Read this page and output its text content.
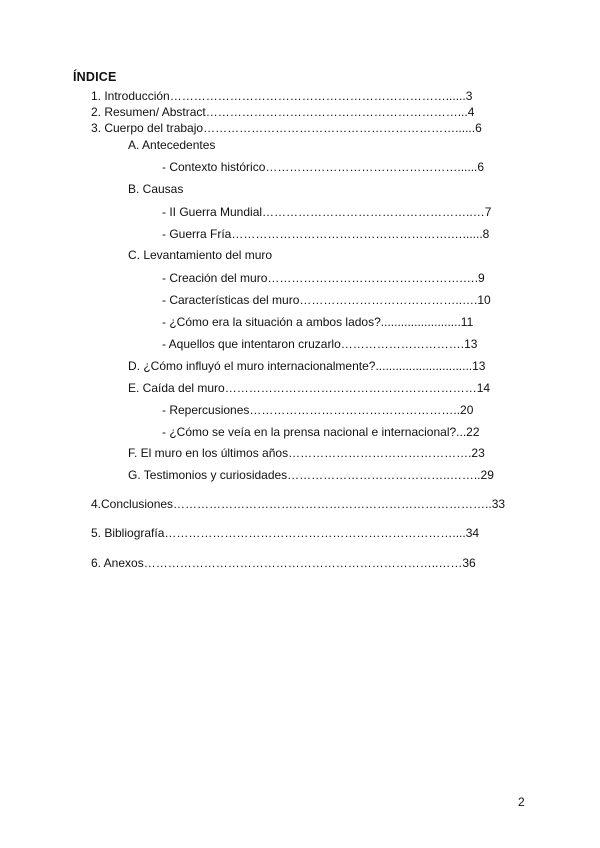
ÍNDICE
1. Introducción……………………………………………………………......3
2. Resumen/ Abstract………………………………………………………...4
3. Cuerpo del trabajo………………………………………………………......6
A. Antecedentes
- Contexto histórico…………………………………………......6
B. Causas
- II Guerra Mundial……………………………………………..…7
- Guerra Fría……………………………………………….…......8
C. Levantamiento del muro
- Creación del muro………………………………………….….9
- Características del muro…………………………………..….10
- ¿Cómo era la situación a ambos lados?........................11
- Aquellos que intentaron cruzarlo………………………….13
D. ¿Cómo influyó el muro internacionalmente?.............................13
E. Caída del muro………………………………………………………14
- Repercusiones……………………………………………..20
- ¿Cómo se veía en la prensa nacional e internacional?...22
F. El muro en los últimos años……………………………………….23
G. Testimonios y curiosidades…………………………………..……..29
4.Conclusiones……………………………………………………………………..33
5. Bibliografía………………………………………………………………....34
6. Anexos………………………………………………………………..……36
2
